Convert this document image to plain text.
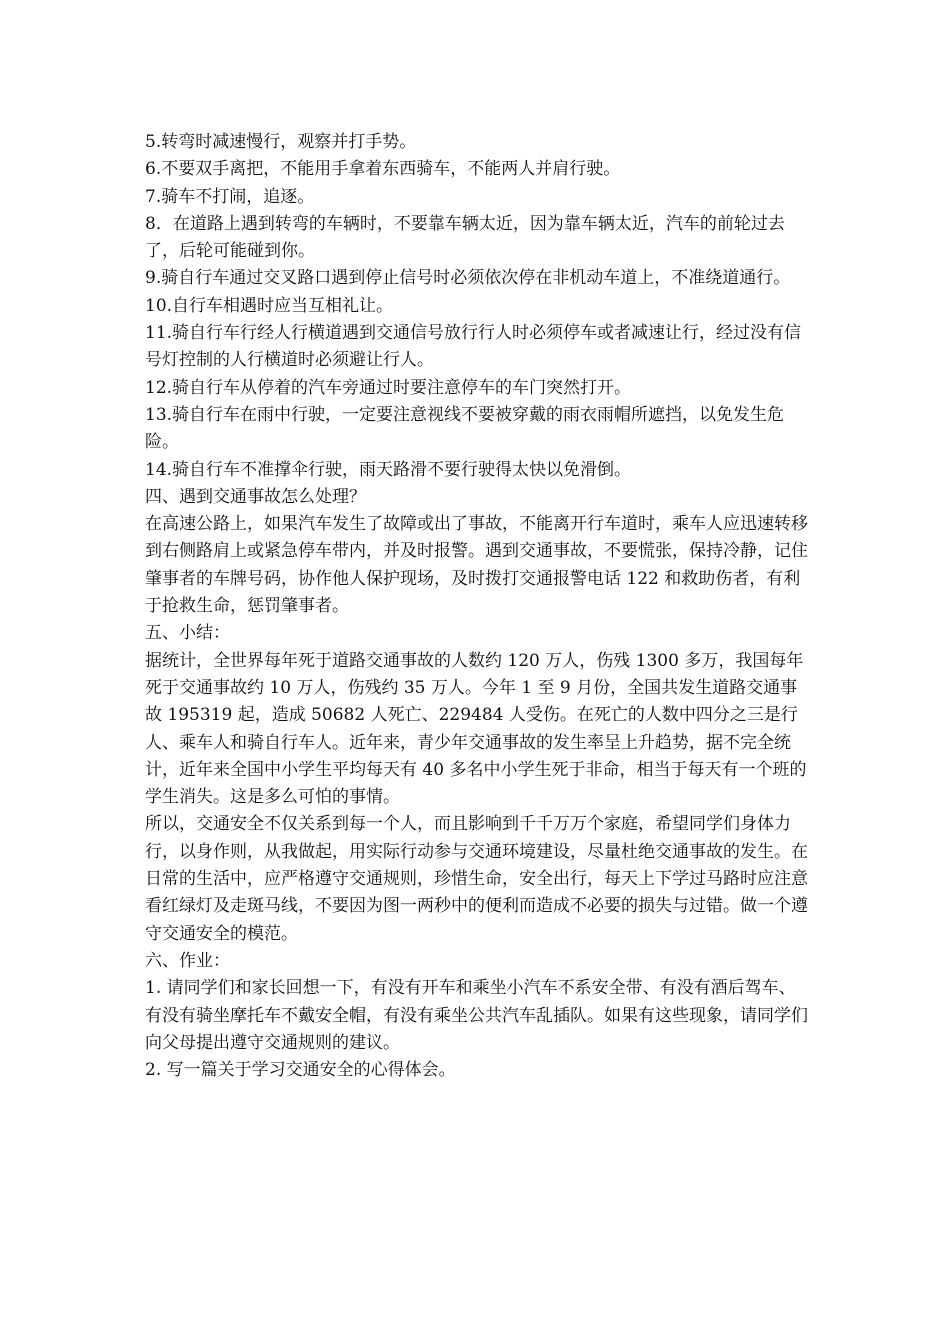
5.转弯时减速慢行，观察并打手势。

6.不要双手离把，不能用手拿着东西骑车，不能两人并肩行驶。

7.骑车不打闹，追逐。

8．在道路上遇到转弯的车辆时，不要靠车辆太近，因为靠车辆太近，汽车的前轮过去了，后轮可能碰到你。

9.骑自行车通过交叉路口遇到停止信号时必须依次停在非机动车道上，不准绕道通行。

10.自行车相遇时应当互相礼让。

11.骑自行车行经人行横道遇到交通信号放行行人时必须停车或者减速让行，经过没有信号灯控制的人行横道时必须避让行人。

12.骑自行车从停着的汽车旁通过时要注意停车的车门突然打开。

13.骑自行车在雨中行驶，一定要注意视线不要被穿戴的雨衣雨帽所遮挡，以免发生危险。

14.骑自行车不准撑伞行驶，雨天路滑不要行驶得太快以免滑倒。

四、遇到交通事故怎么处理？

在高速公路上，如果汽车发生了故障或出了事故，不能离开行车道时，乘车人应迅速转移到右侧路肩上或紧急停车带内，并及时报警。遇到交通事故，不要慌张，保持冷静，记住肇事者的车牌号码，协作他人保护现场，及时拨打交通报警电话 122 和救助伤者，有利于抢救生命，惩罚肇事者。

五、小结：

据统计，全世界每年死于道路交通事故的人数约 120 万人，伤残 1300 多万，我国每年死于交通事故约 10 万人，伤残约 35 万人。今年 1 至 9 月份，全国共发生道路交通事故 195319 起，造成 50682 人死亡、229484 人受伤。在死亡的人数中四分之三是行人、乘车人和骑自行车人。近年来，青少年交通事故的发生率呈上升趋势，据不完全统计，近年来全国中小学生平均每天有 40 多名中小学生死于非命，相当于每天有一个班的学生消失。这是多么可怕的事情。

所以，交通安全不仅关系到每一个人，而且影响到千千万万个家庭，希望同学们身体力行，以身作则，从我做起，用实际行动参与交通环境建设，尽量杜绝交通事故的发生。在日常的生活中，应严格遵守交通规则，珍惜生命，安全出行，每天上下学过马路时应注意看红绿灯及走斑马线，不要因为图一两秒中的便利而造成不必要的损失与过错。做一个遵守交通安全的模范。

六、作业：

1. 请同学们和家长回想一下，有没有开车和乘坐小汽车不系安全带、有没有酒后驾车、有没有骑坐摩托车不戴安全帽，有没有乘坐公共汽车乱插队。如果有这些现象，请同学们向父母提出遵守交通规则的建议。

2. 写一篇关于学习交通安全的心得体会。
